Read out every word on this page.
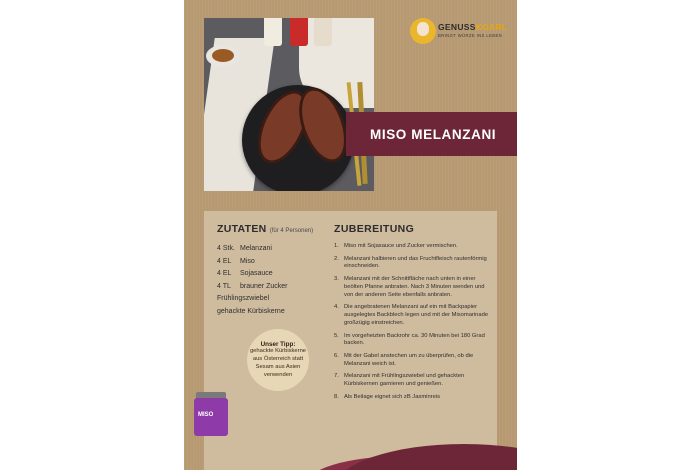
GENUSSKOARL
BRINGT WÜRZE INS LEBEN
MISO MELANZANI
ZUTATEN (für 4 Personen)
4 Stk. Melanzani
4 EL Miso
4 EL Sojasauce
4 TL brauner Zucker
Frühlingszwiebel
gehackte Kürbiskerne
Unser Tipp:
gehackte Kürbiskerne aus Österreich statt Sesam aus Asien verwenden
ZUBEREITUNG
1. Miso mit Sojasauce und Zucker vermischen.
2. Melanzani halbieren und das Fruchtfleisch rautenförmig einschneiden.
3. Melanzani mit der Schnittfläche nach unten in einer beölten Pfanne anbraten. Nach 3 Minuten wenden und von der anderen Seite ebenfalls anbraten.
4. Die angebratenen Melanzani auf ein mit Backpapier ausgelegtes Backblech legen und mit der Misomarinade großzügig einstreichen.
5. Im vorgeheizten Backrohr ca. 30 Minuten bei 180 Grad backen.
6. Mit der Gabel anstechen um zu überprüfen, ob die Melanzani weich ist.
7. Melanzani mit Frühlingszwiebel und gehackten Kürbiskernen garnieren und genießen.
8. Als Beilage eignet sich zB Jasminreis
MISO
